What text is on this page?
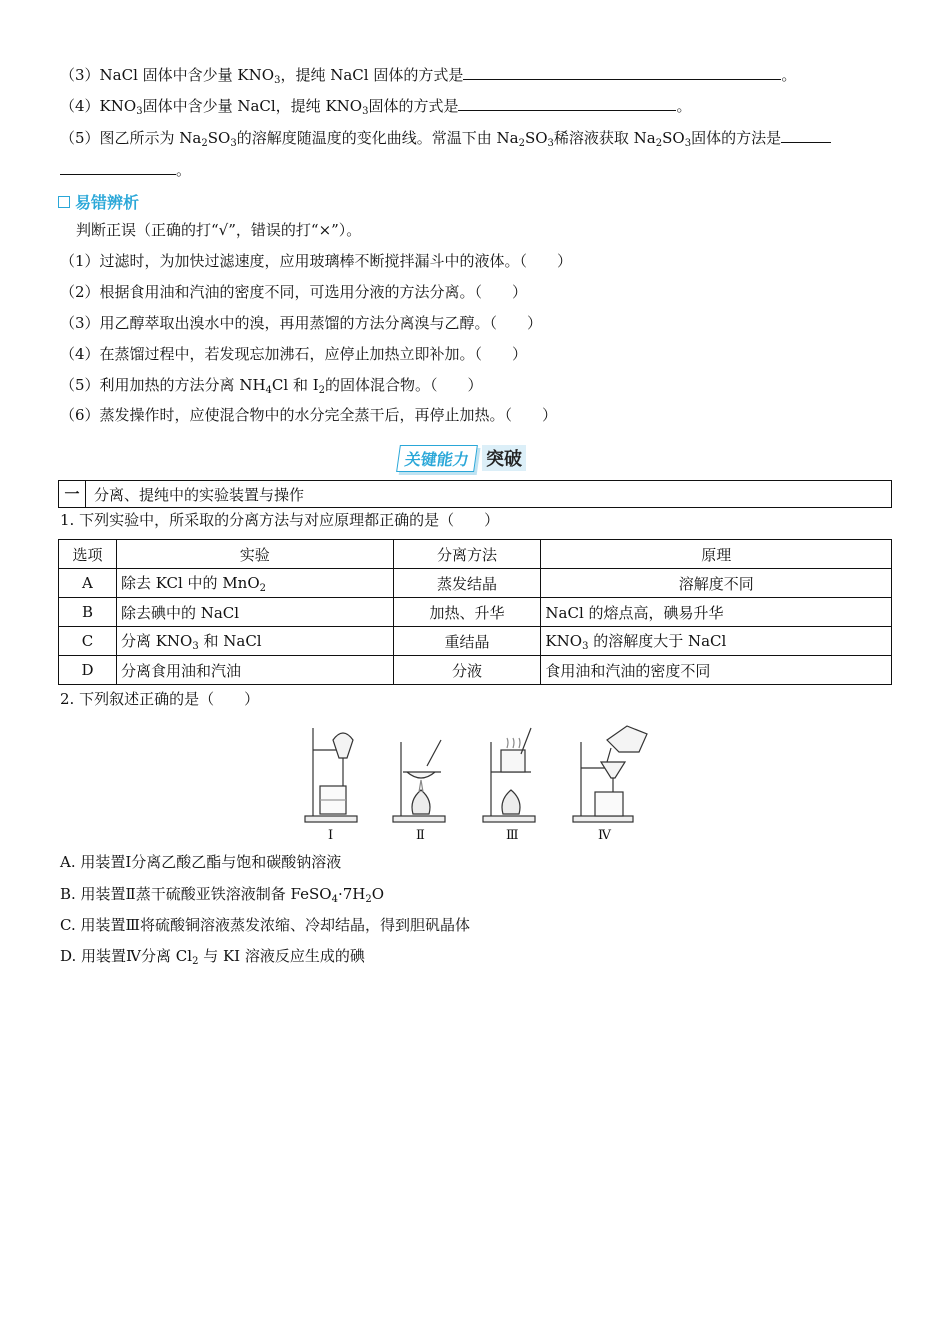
（3）NaCl 固体中含少量 $KNO_3$，提纯 NaCl 固体的方式是	。
$(4)KNO_3$固体中含少量 NaCl，提纯 $KNO_3$固体的方式是	。
（5）图乙所示为 $Na_2SO_3$的溶解度随温度的变化曲线。常温下由 $Na_2SO_3$稀溶液获取 $Na_2SO_3$固体的方法是
。
易错辨析
判断正误（正确的打“√”，错误的打“×”）。
（1）过滤时，为加快过滤速度，应用玻璃棒不断搅拌漏斗中的液体。（　　）
（2）根据食用油和汽油的密度不同，可选用分液的方法分离。（　　）
（3）用乙醇萃取出溴水中的溴，再用蒸馏的方法分离溴与乙醇。（　　）
（4）在蒸馏过程中，若发现忘加沸石，应停止加热立即补加。（　　）
（5）利用加热的方法分离 $NH_4Cl$ 和 $I_2$的固体混合物。（　　）
（6）蒸发操作时，应使混合物中的水分完全蒸干后，再停止加热。（　　）
关键能力 突破
一 分离、提纯中的实验装置与操作
1. 下列实验中，所采取的分离方法与对应原理都正确的是（　　）
选项	实验	分离方法	原理
A	除去 KCl 中的 MnO$_2$	蒸发结晶	溶解度不同
B	除去碘中的 NaCl	加热、升华	NaCl 的熔点高，碘易升华
C	分离 $KNO_3$ 和 NaCl	重结晶	$KNO_3$ 的溶解度大于 NaCl
D	分离食用油和汽油	分液	食用油和汽油的密度不同
2. 下列叙述正确的是（　　）
Ⅰ	Ⅱ	Ⅲ	Ⅳ
A. 用装置Ⅰ分离乙酸乙酯与饱和碳酸钠溶液
B. 用装置Ⅱ蒸干硫酸亚铁溶液制备 $FeSO_4\cdot 7H_2O$
C. 用装置Ⅲ将硫酸铜溶液蒸发浓缩、冷却结晶，得到胆矾晶体
D. 用装置Ⅳ分离 $Cl_2$ 与 KI 溶液反应生成的碘
